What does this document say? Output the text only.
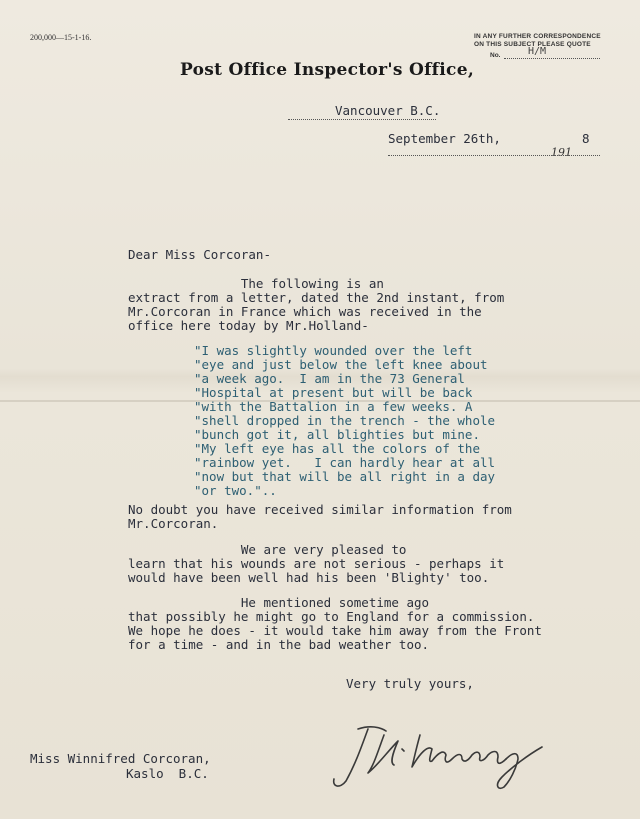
200,000—15-1-16.	IN ANY FURTHER CORRESPONDENCE
ON THIS SUBJECT PLEASE QUOTE
No.	H/M
Post Office Inspector's Office,
Vancouver B.C.
September 26th,	8
191
Dear Miss Corcoran-
The following is an
extract from a letter, dated the 2nd instant, from
Mr.Corcoran in France which was received in the
office here today by Mr.Holland-
"I was slightly wounded over the left
"eye and just below the left knee about
"a week ago.  I am in the 73 General
"Hospital at present but will be back
"with the Battalion in a few weeks. A
"shell dropped in the trench - the whole
"bunch got it, all blighties but mine.
"My left eye has all the colors of the
"rainbow yet.   I can hardly hear at all
"now but that will be all right in a day
"or two."..
No doubt you have received similar information from
Mr.Corcoran.
We are very pleased to
learn that his wounds are not serious - perhaps it
would have been well had his been 'Blighty' too.
He mentioned sometime ago
that possibly he might go to England for a commission.
We hope he does - it would take him away from the Front
for a time - and in the bad weather too.
Very truly yours,
Miss Winnifred Corcoran,
Kaslo  B.C.
